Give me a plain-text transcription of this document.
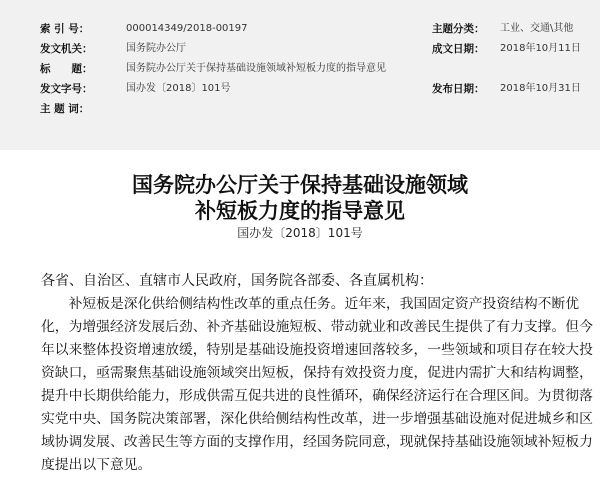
索 引 号：	000014349/2018-00197	主题分类：	工业、交通\其他
发文机关：	国务院办公厅	成文日期：	2018年10月11日
标　　题：	国务院办公厅关于保持基础设施领域补短板力度的指导意见
发文字号：	国办发〔2018〕101号	发布日期：	2018年10月31日
主 题 词：
国务院办公厅关于保持基础设施领域
补短板力度的指导意见
国办发〔2018〕101号
各省、自治区、直辖市人民政府，国务院各部委、各直属机构：
　　补短板是深化供给侧结构性改革的重点任务。近年来，我国固定资产投资结构不断优
化，为增强经济发展后劲、补齐基础设施短板、带动就业和改善民生提供了有力支撑。但今
年以来整体投资增速放缓，特别是基础设施投资增速回落较多，一些领域和项目存在较大投
资缺口，亟需聚焦基础设施领域突出短板，保持有效投资力度，促进内需扩大和结构调整，
提升中长期供给能力，形成供需互促共进的良性循环，确保经济运行在合理区间。为贯彻落
实党中央、国务院决策部署，深化供给侧结构性改革，进一步增强基础设施对促进城乡和区
域协调发展、改善民生等方面的支撑作用，经国务院同意，现就保持基础设施领域补短板力
度提出以下意见。
